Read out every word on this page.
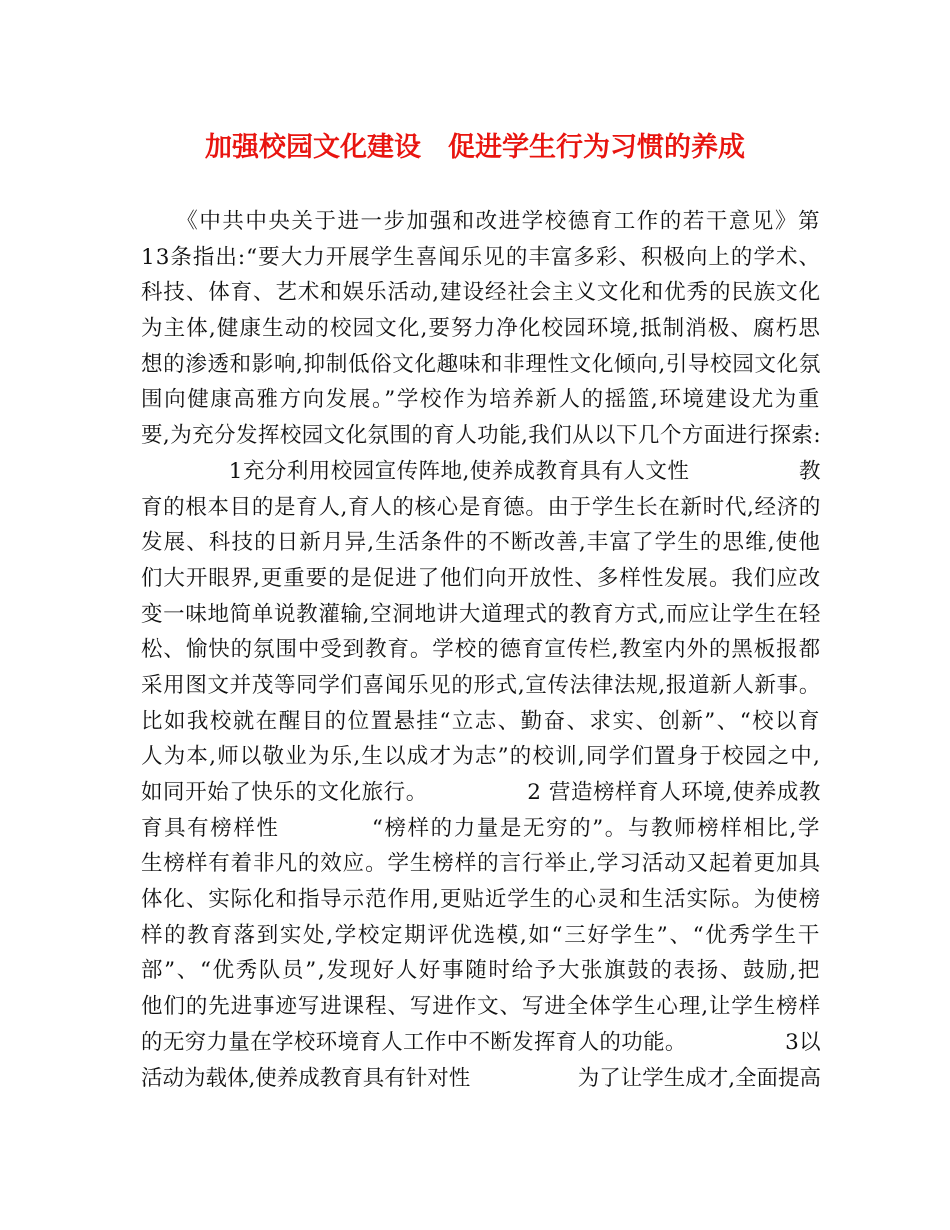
加强校园文化建设　促进学生行为习惯的养成
　　《中共中央关于进一步加强和改进学校德育工作的若干意见》第
13条指出:“要大力开展学生喜闻乐见的丰富多彩、积极向上的学术、
科技、体育、艺术和娱乐活动,建设经社会主义文化和优秀的民族文化
为主体,健康生动的校园文化,要努力净化校园环境,抵制消极、腐朽思
想的渗透和影响,抑制低俗文化趣味和非理性文化倾向,引导校园文化氛
围向健康高雅方向发展。”学校作为培养新人的摇篮,环境建设尤为重
要,为充分发挥校园文化氛围的育人功能,我们从以下几个方面进行探索:
　　　　1充分利用校园宣传阵地,使养成教育具有人文性　　　　　教
育的根本目的是育人,育人的核心是育德。由于学生长在新时代,经济的
发展、科技的日新月异,生活条件的不断改善,丰富了学生的思维,使他
们大开眼界,更重要的是促进了他们向开放性、多样性发展。我们应改
变一味地简单说教灌输,空洞地讲大道理式的教育方式,而应让学生在轻
松、愉快的氛围中受到教育。学校的德育宣传栏,教室内外的黑板报都
采用图文并茂等同学们喜闻乐见的形式,宣传法律法规,报道新人新事。
比如我校就在醒目的位置悬挂“立志、勤奋、求实、创新”、“校以育
人为本,师以敬业为乐,生以成才为志”的校训,同学们置身于校园之中,
如同开始了快乐的文化旅行。　　　　　2 营造榜样育人环境,使养成教
育具有榜样性　　　　“榜样的力量是无穷的”。与教师榜样相比,学
生榜样有着非凡的效应。学生榜样的言行举止,学习活动又起着更加具
体化、实际化和指导示范作用,更贴近学生的心灵和生活实际。为使榜
样的教育落到实处,学校定期评优选模,如“三好学生”、“优秀学生干
部”、“优秀队员”,发现好人好事随时给予大张旗鼓的表扬、鼓励,把
他们的先进事迹写进课程、写进作文、写进全体学生心理,让学生榜样
的无穷力量在学校环境育人工作中不断发挥育人的功能。　　　　　3以
活动为载体,使养成教育具有针对性　　　　　为了让学生成才,全面提高
